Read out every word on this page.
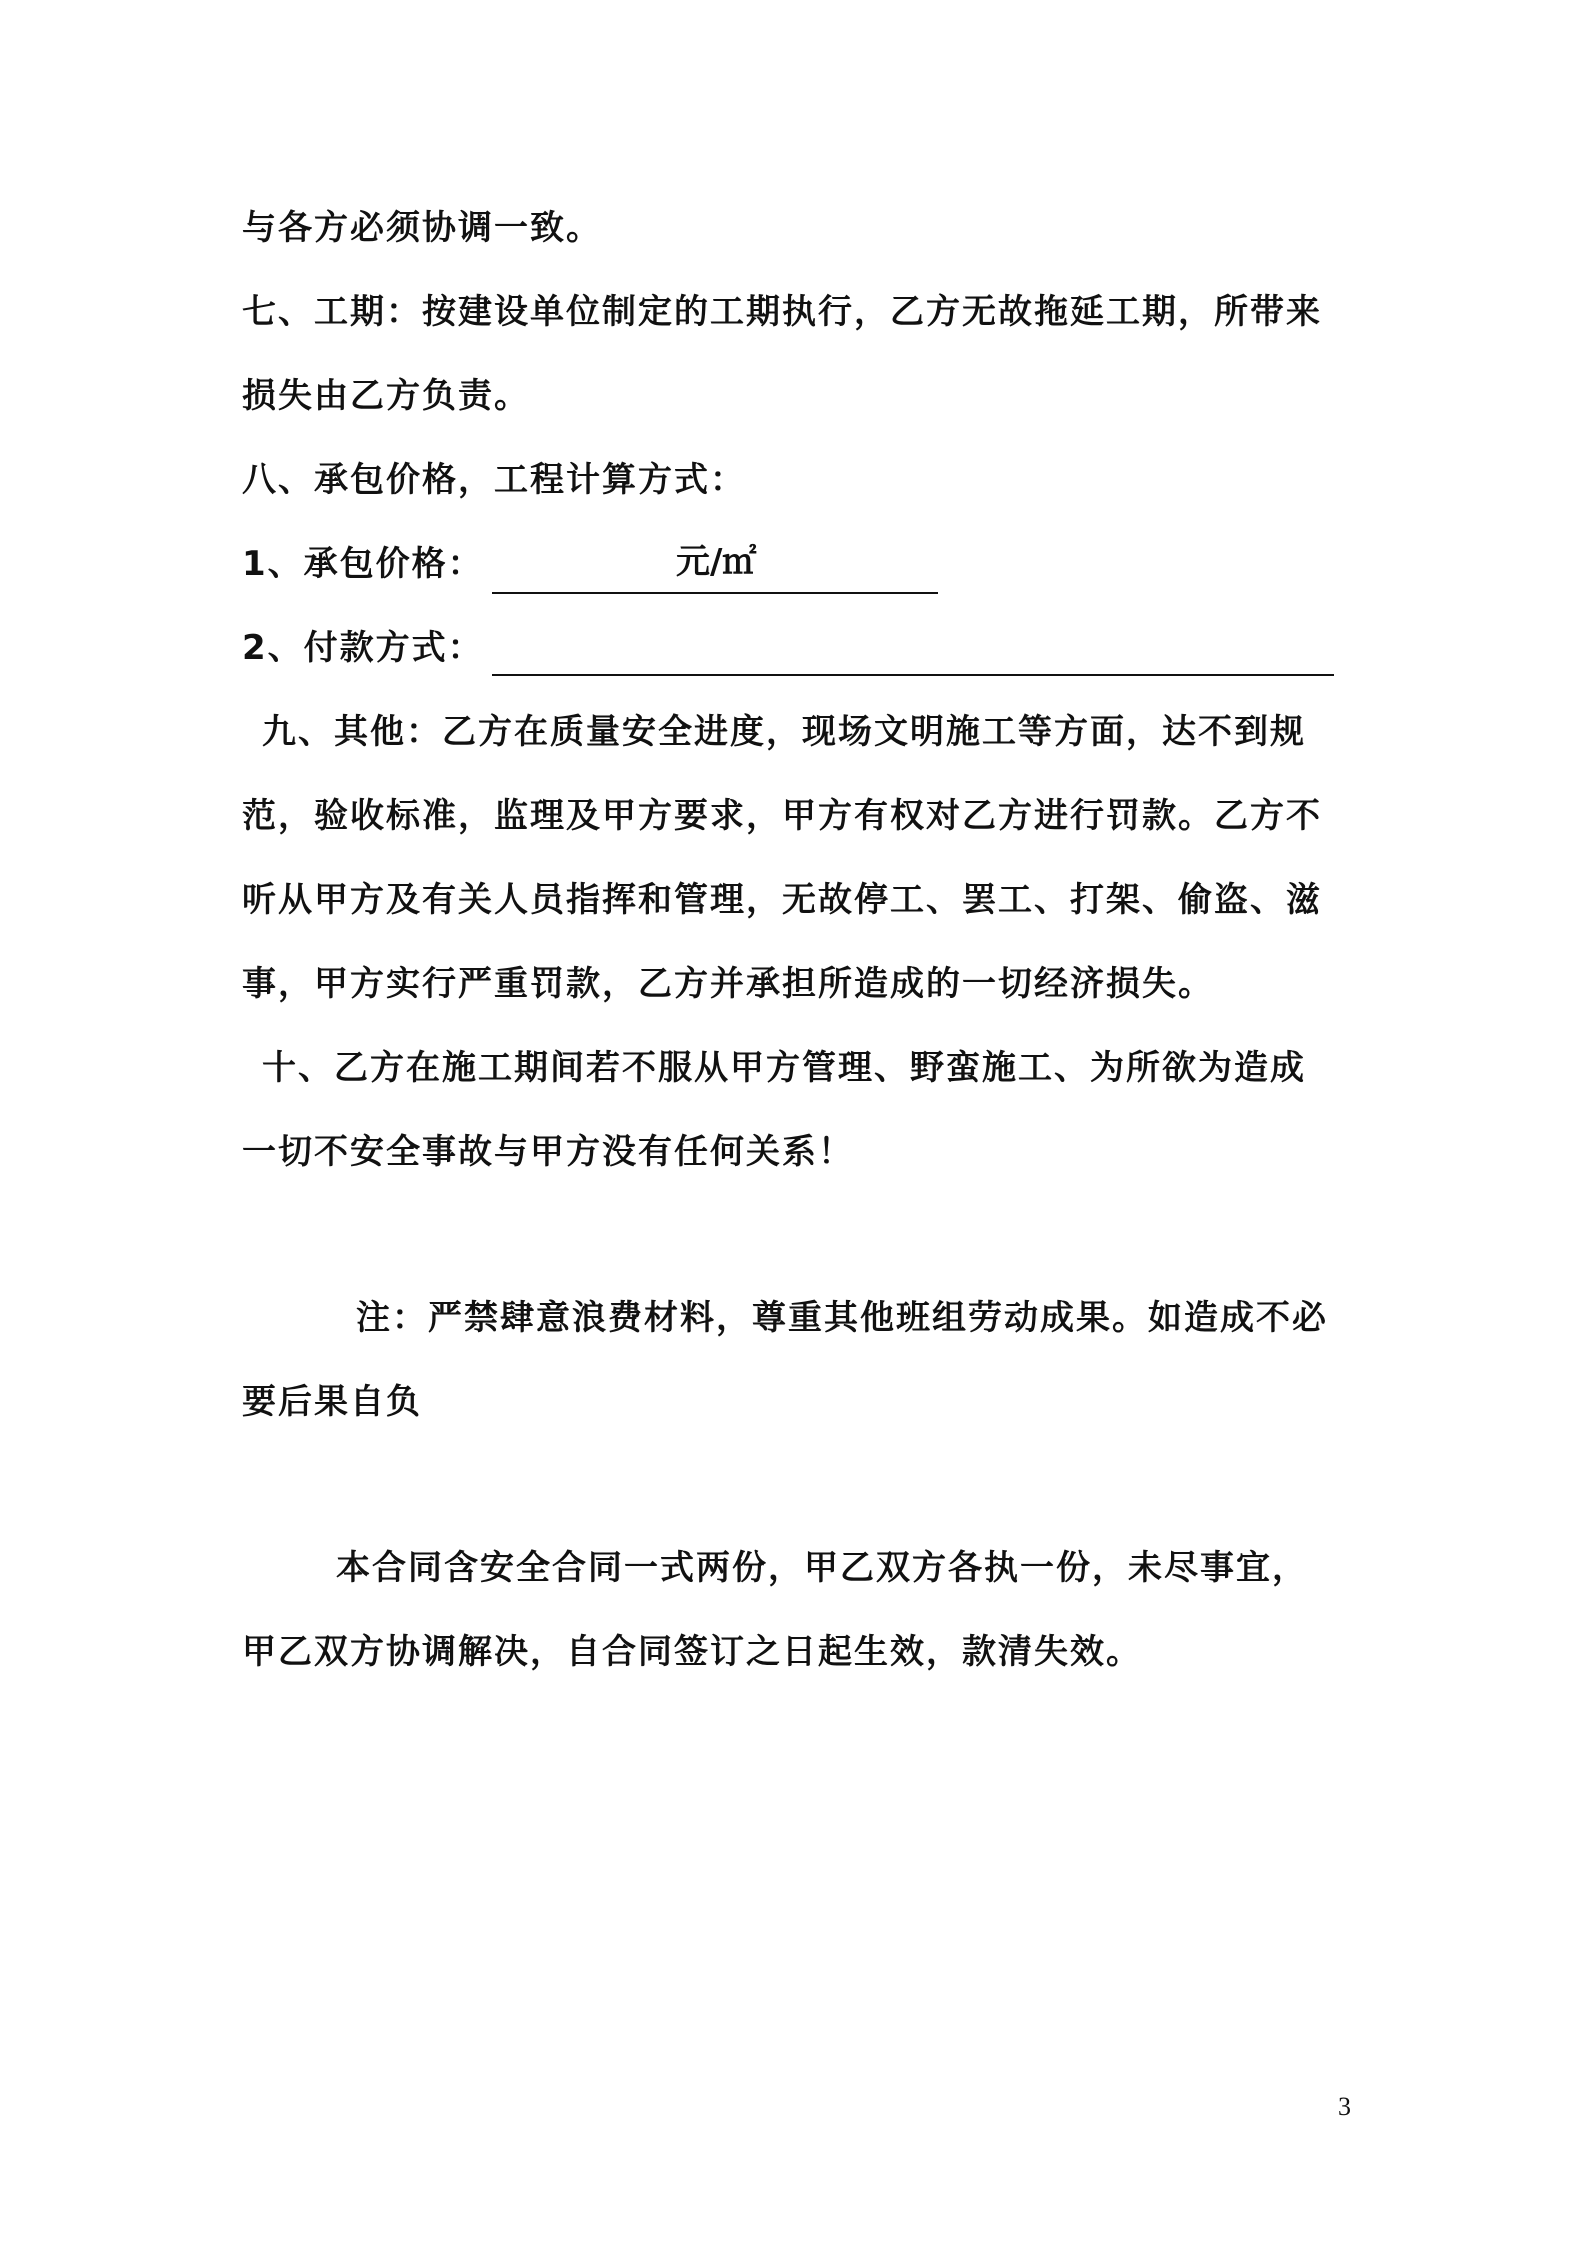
与各方必须协调一致。
七、工期：按建设单位制定的工期执行，乙方无故拖延工期，所带来
损失由乙方负责。
八、承包价格，工程计算方式：
1、承包价格：	元/㎡
2、付款方式：
九、其他：乙方在质量安全进度，现场文明施工等方面，达不到规
范，验收标准，监理及甲方要求，甲方有权对乙方进行罚款。乙方不
听从甲方及有关人员指挥和管理，无故停工、罢工、打架、偷盗、滋
事，甲方实行严重罚款，乙方并承担所造成的一切经济损失。
十、乙方在施工期间若不服从甲方管理、野蛮施工、为所欲为造成
一切不安全事故与甲方没有任何关系！
注：严禁肆意浪费材料，尊重其他班组劳动成果。如造成不必
要后果自负
本合同含安全合同一式两份，甲乙双方各执一份，未尽事宜，
甲乙双方协调解决，自合同签订之日起生效，款清失效。
3
